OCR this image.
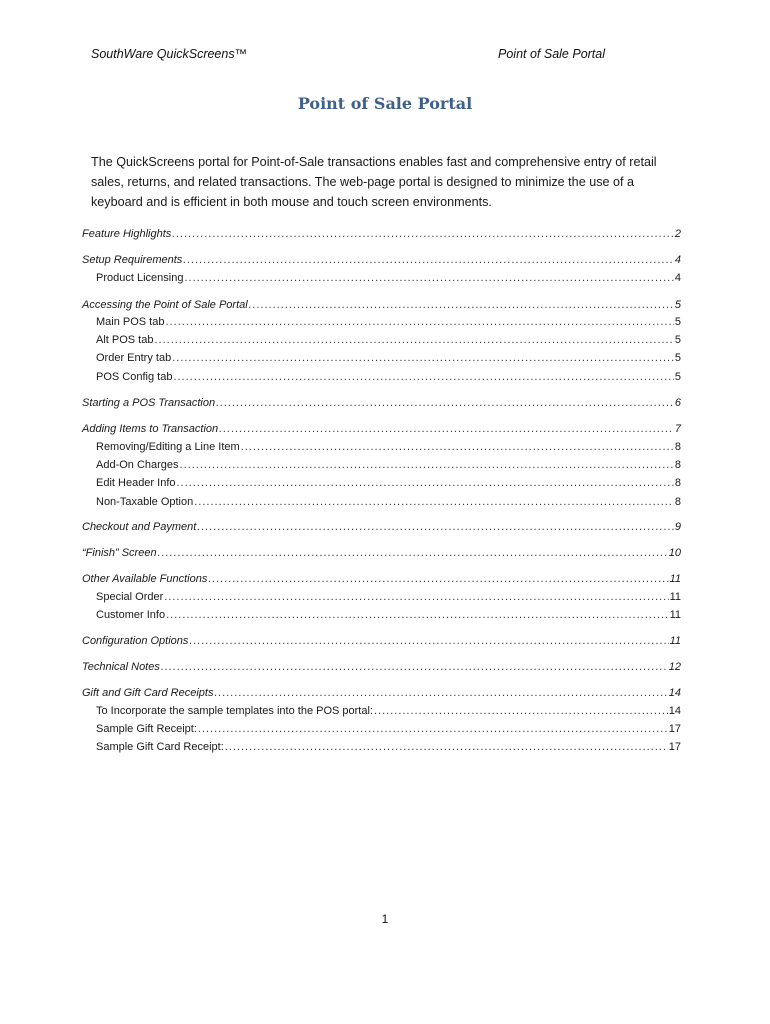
SouthWare QuickScreens™	Point of Sale Portal
Point of Sale Portal
The QuickScreens portal for Point-of-Sale transactions enables fast and comprehensive entry of retail sales, returns, and related transactions. The web-page portal is designed to minimize the use of a keyboard and is efficient in both mouse and touch screen environments.
Feature Highlights .....	2
Setup Requirements .....	4
Product Licensing .....	4
Accessing the Point of Sale Portal .....	5
Main POS tab .....	5
Alt POS tab .....	5
Order Entry tab .....	5
POS Config tab .....	5
Starting a POS Transaction .....	6
Adding Items to Transaction .....	7
Removing/Editing a Line Item .....	8
Add-On Charges .....	8
Edit Header Info .....	8
Non-Taxable Option .....	8
Checkout and Payment .....	9
“Finish” Screen .....	10
Other Available Functions .....	11
Special Order .....	11
Customer Info .....	11
Configuration Options .....	11
Technical Notes .....	12
Gift and Gift Card Receipts .....	14
To Incorporate the sample templates into the POS portal: .....	14
Sample Gift Receipt: .....	17
Sample Gift Card Receipt: .....	17
1
